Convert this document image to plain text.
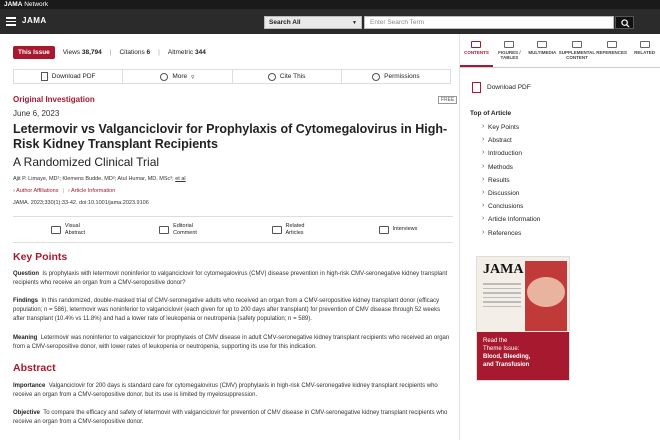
JAMA Network
JAMA	Search All	▼	Enter Search Term
This Issue	Views 38,794 | Citations 6 | Altmetric 344
Download PDF	More ▿	Cite This	Permissions
Original Investigation	FREE
June 6, 2023
Letermovir vs Valganciclovir for Prophylaxis of Cytomegalovirus in High-Risk Kidney Transplant Recipients
A Randomized Clinical Trial
Ajit P. Limaye, MD¹; Klemens Budde, MD²; Atul Humar, MD, MSc³; et al
› Author Affiliations | › Article Information
JAMA. 2023;330(1):33-42. doi:10.1001/jama.2023.9106
Visual
Abstract
Editorial
Comment
Related
Articles
Interviews
Key Points
Question Is prophylaxis with letermovir noninferior to valganciclovir for cytomegalovirus (CMV) disease prevention in high-risk CMV-seronegative kidney transplant recipients who receive an organ from a CMV-seropositive donor?
Findings In this randomized, double-masked trial of CMV-seronegative adults who received an organ from a CMV-seropositive kidney transplant donor (efficacy population; n = 586), letermovir was noninferior to valganciclovir (each given for up to 200 days after transplant) for prevention of CMV disease through 52 weeks after transplant (10.4% vs 11.8%) and had a lower rate of leukopenia or neutropenia (safety population; n = 589).
Meaning Letermovir was noninferior to valganciclovir for prophylaxis of CMV disease in adult CMV-seronegative kidney transplant recipients who received an organ from a CMV-seropositive donor, with lower rates of leukopenia or neutropenia, supporting its use for this indication.
Abstract
Importance Valganciclovir for 200 days is standard care for cytomegalovirus (CMV) prophylaxis in high-risk CMV-seronegative kidney transplant recipients who receive an organ from a CMV-seropositive donor, but its use is limited by myelosuppression.
Objective To compare the efficacy and safety of letermovir with valganciclovir for prevention of CMV disease in CMV-seronegative kidney transplant recipients who receive an organ from a CMV-seropositive donor.
CONTENTS	FIGURES /
TABLES
MULTIMEDIA SUPPLEMENTAL
CONTENT
REFERENCES	RELATED
Download PDF
Top of Article
› Key Points
› Abstract
› Introduction
› Methods
› Results
› Discussion
› Conclusions
› Article Information
› References
JAMA
Read the
Theme Issue:
Blood, Bleeding,
and Transfusion
